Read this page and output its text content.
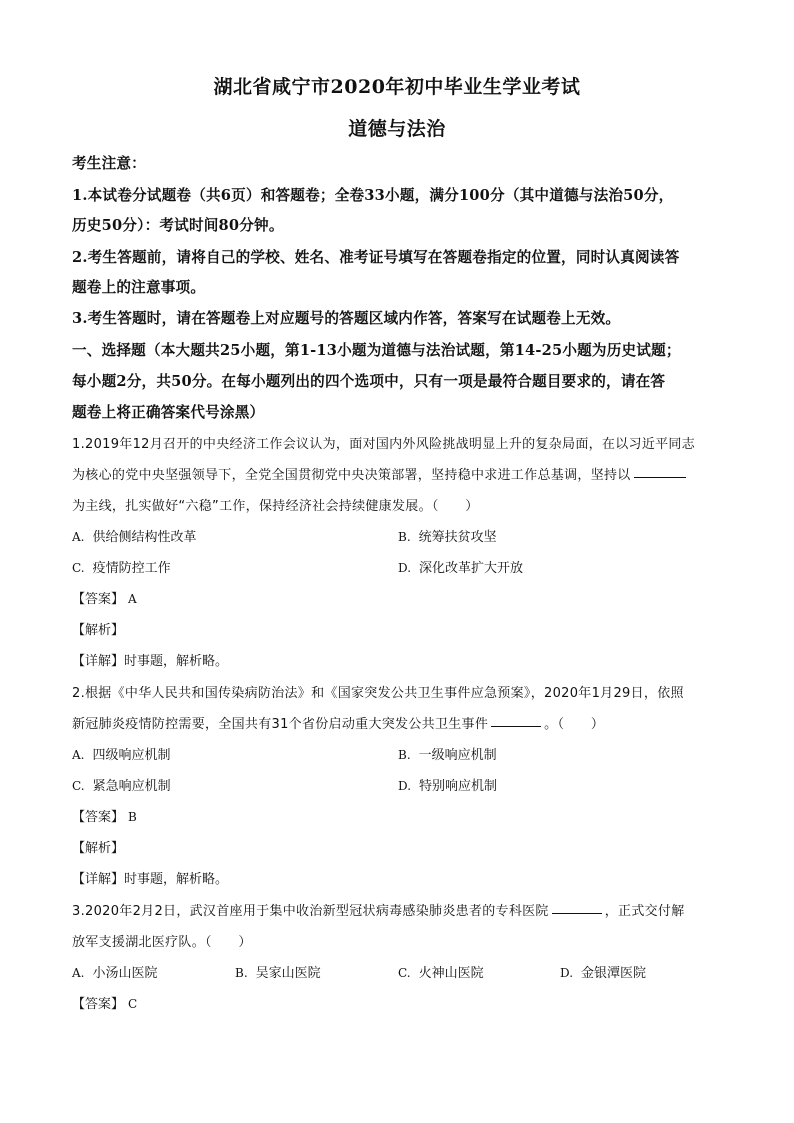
湖北省咸宁市2020年初中毕业生学业考试
道德与法治
考生注意：
1.本试卷分试题卷（共6页）和答题卷；全卷33小题，满分100分（其中道德与法治50分，
历史50分）：考试时间80分钟。
2.考生答题前，请将自己的学校、姓名、准考证号填写在答题卷指定的位置，同时认真阅读答
题卷上的注意事项。
3.考生答题时，请在答题卷上对应题号的答题区域内作答，答案写在试题卷上无效。
一、选择题（本大题共25小题，第1-13小题为道德与法治试题，第14-25小题为历史试题；
每小题2分，共50分。在每小题列出的四个选项中，只有一项是最符合题目要求的，请在答
题卷上将正确答案代号涂黑）
1.2019年12月召开的中央经济工作会议认为，面对国内外风险挑战明显上升的复杂局面，在以习近平同志
为核心的党中央坚强领导下，全党全国贯彻党中央决策部署，坚持稳中求进工作总基调，坚持以
为主线，扎实做好“六稳”工作，保持经济社会持续健康发展。（　　）
A. 供给侧结构性改革	B. 统筹扶贫攻坚
C. 疫情防控工作	D. 深化改革扩大开放
【答案】 A
【解析】
【详解】时事题，解析略。
2.根据《中华人民共和国传染病防治法》和《国家突发公共卫生事件应急预案》，2020年1月29日，依照
新冠肺炎疫情防控需要，全国共有31个省份启动重大突发公共卫生事件	。（　　）
A. 四级响应机制	B. 一级响应机制
C. 紧急响应机制	D. 特别响应机制
【答案】 B
【解析】
【详解】时事题，解析略。
3.2020年2月2日，武汉首座用于集中收治新型冠状病毒感染肺炎患者的专科医院	，正式交付解
放军支援湖北医疗队。（　　）
A. 小汤山医院	B. 吴家山医院	C. 火神山医院	D. 金银潭医院
【答案】 C
